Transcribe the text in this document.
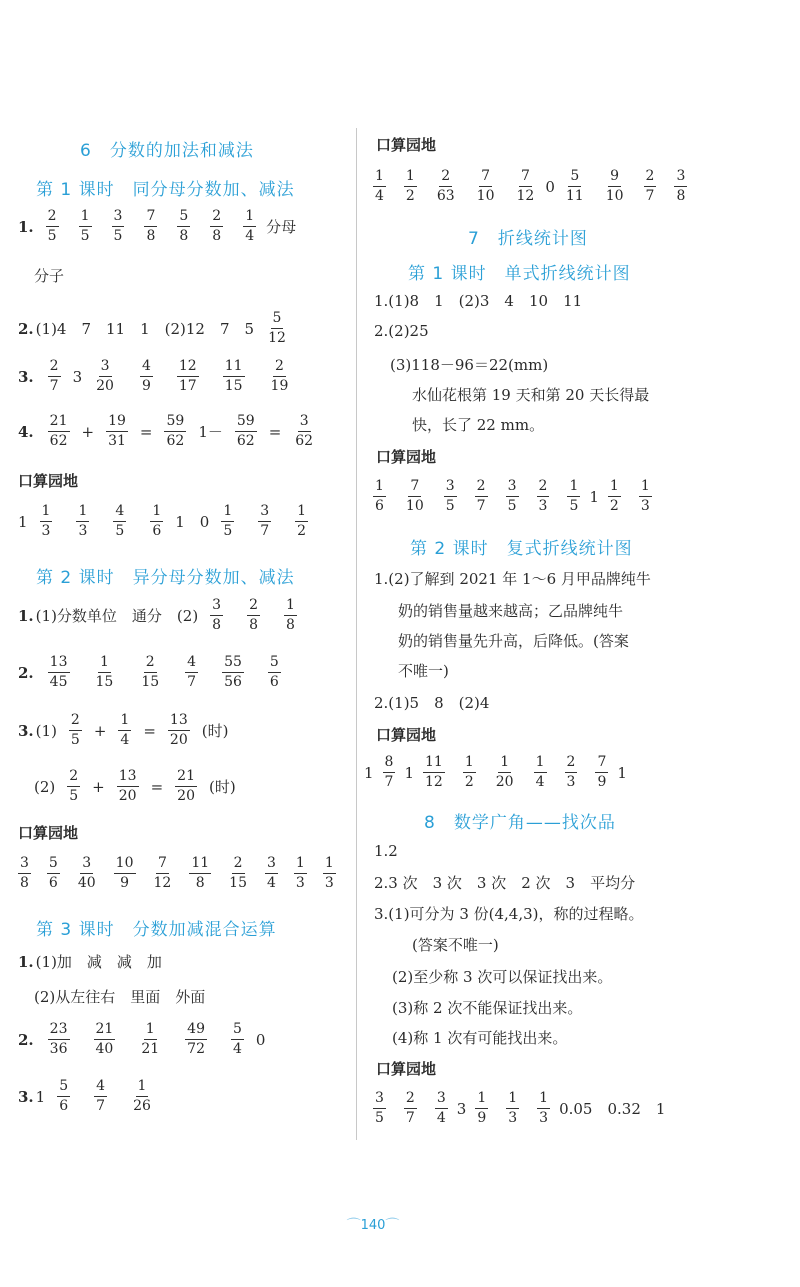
6　分数的加法和减法
第 1 课时　同分母分数加、减法
1. $\frac{2}{5} \frac{1}{5} \frac{3}{5} \frac{7}{8} \frac{5}{8} \frac{2}{8} \frac{1}{4}$ 分母
分子
2. (1)4　7　11　1　(2)12　7　$5 \frac{5}{12}$
3. $\frac{2}{7} 3 \frac{3}{20} \frac{4}{9} \frac{12}{17} \frac{11}{15} \frac{2}{19}$
4. $\frac{21}{62} + \frac{19}{31} = \frac{59}{62} 1- \frac{59}{62} = \frac{3}{62}$
口算园地
$1 \frac{1}{3} \frac{1}{3} \frac{4}{5} \frac{1}{6} 1$　$0 \frac{1}{5} \frac{3}{7} \frac{1}{2}$
第 2 课时　异分母分数加、减法
1. (1)分数单位　通分　$(2) \frac{3}{8} \frac{2}{8} \frac{1}{8}$
2. $\frac{13}{45} \frac{1}{15} \frac{2}{15} \frac{4}{7} \frac{55}{56} \frac{5}{6}$
3. $(1) \frac{2}{5} + \frac{1}{4} = \frac{13}{20}$ (时)
$(2) \frac{2}{5} + \frac{13}{20} = \frac{21}{20}$ (时)
口算园地
$\frac{3}{8} \frac{5}{6} \frac{3}{40} \frac{10}{9} \frac{7}{12} \frac{11}{8} \frac{2}{15} \frac{3}{4} \frac{1}{3} \frac{1}{3}$
第 3 课时　分数加减混合运算
1. (1)加　减　减　加
(2)从左往右　里面　外面
2. $\frac{23}{36} \frac{21}{40} \frac{1}{21} \frac{49}{72} \frac{5}{4} 0$
3. $1 \frac{5}{6} \frac{4}{7} \frac{1}{26}$
口算园地
$\frac{1}{4} \frac{1}{2} \frac{2}{63} \frac{7}{10} \frac{7}{12} 0 \frac{5}{11} \frac{9}{10} \frac{2}{7} \frac{3}{8}$
7　折线统计图
第 1 课时　单式折线统计图
1.(1)8　1　(2)3　4　10　11
2.(2)25
(3)118－96＝22(mm)
水仙花根第 19 天和第 20 天长得最
快，长了 22 mm。
口算园地
$\frac{1}{6} \frac{7}{10} \frac{3}{5} \frac{2}{7} \frac{3}{5} \frac{2}{3} \frac{1}{5} 1 \frac{1}{2} \frac{1}{3}$
第 2 课时　复式折线统计图
1.(2)了解到 2021 年 1～6 月甲品牌纯牛
奶的销售量越来越高；乙品牌纯牛
奶的销售量先升高，后降低。(答案
不唯一)
2.(1)5　8　(2)4
口算园地
$1 \frac{8}{7} 1 \frac{11}{12} \frac{1}{2} \frac{1}{20} \frac{1}{4} \frac{2}{3} \frac{7}{9} 1$
8　数学广角——找次品
1.2
2.3 次　3 次　3 次　2 次　3　平均分
3.(1)可分为 3 份(4,4,3)，称的过程略。
(答案不唯一)
(2)至少称 3 次可以保证找出来。
(3)称 2 次不能保证找出来。
(4)称 1 次有可能找出来。
口算园地
$\frac{3}{5} \frac{2}{7} \frac{3}{4} 3 \frac{1}{9} \frac{1}{3} \frac{1}{3} 0.05$　0.32　1
⌒ 140 ⌒
